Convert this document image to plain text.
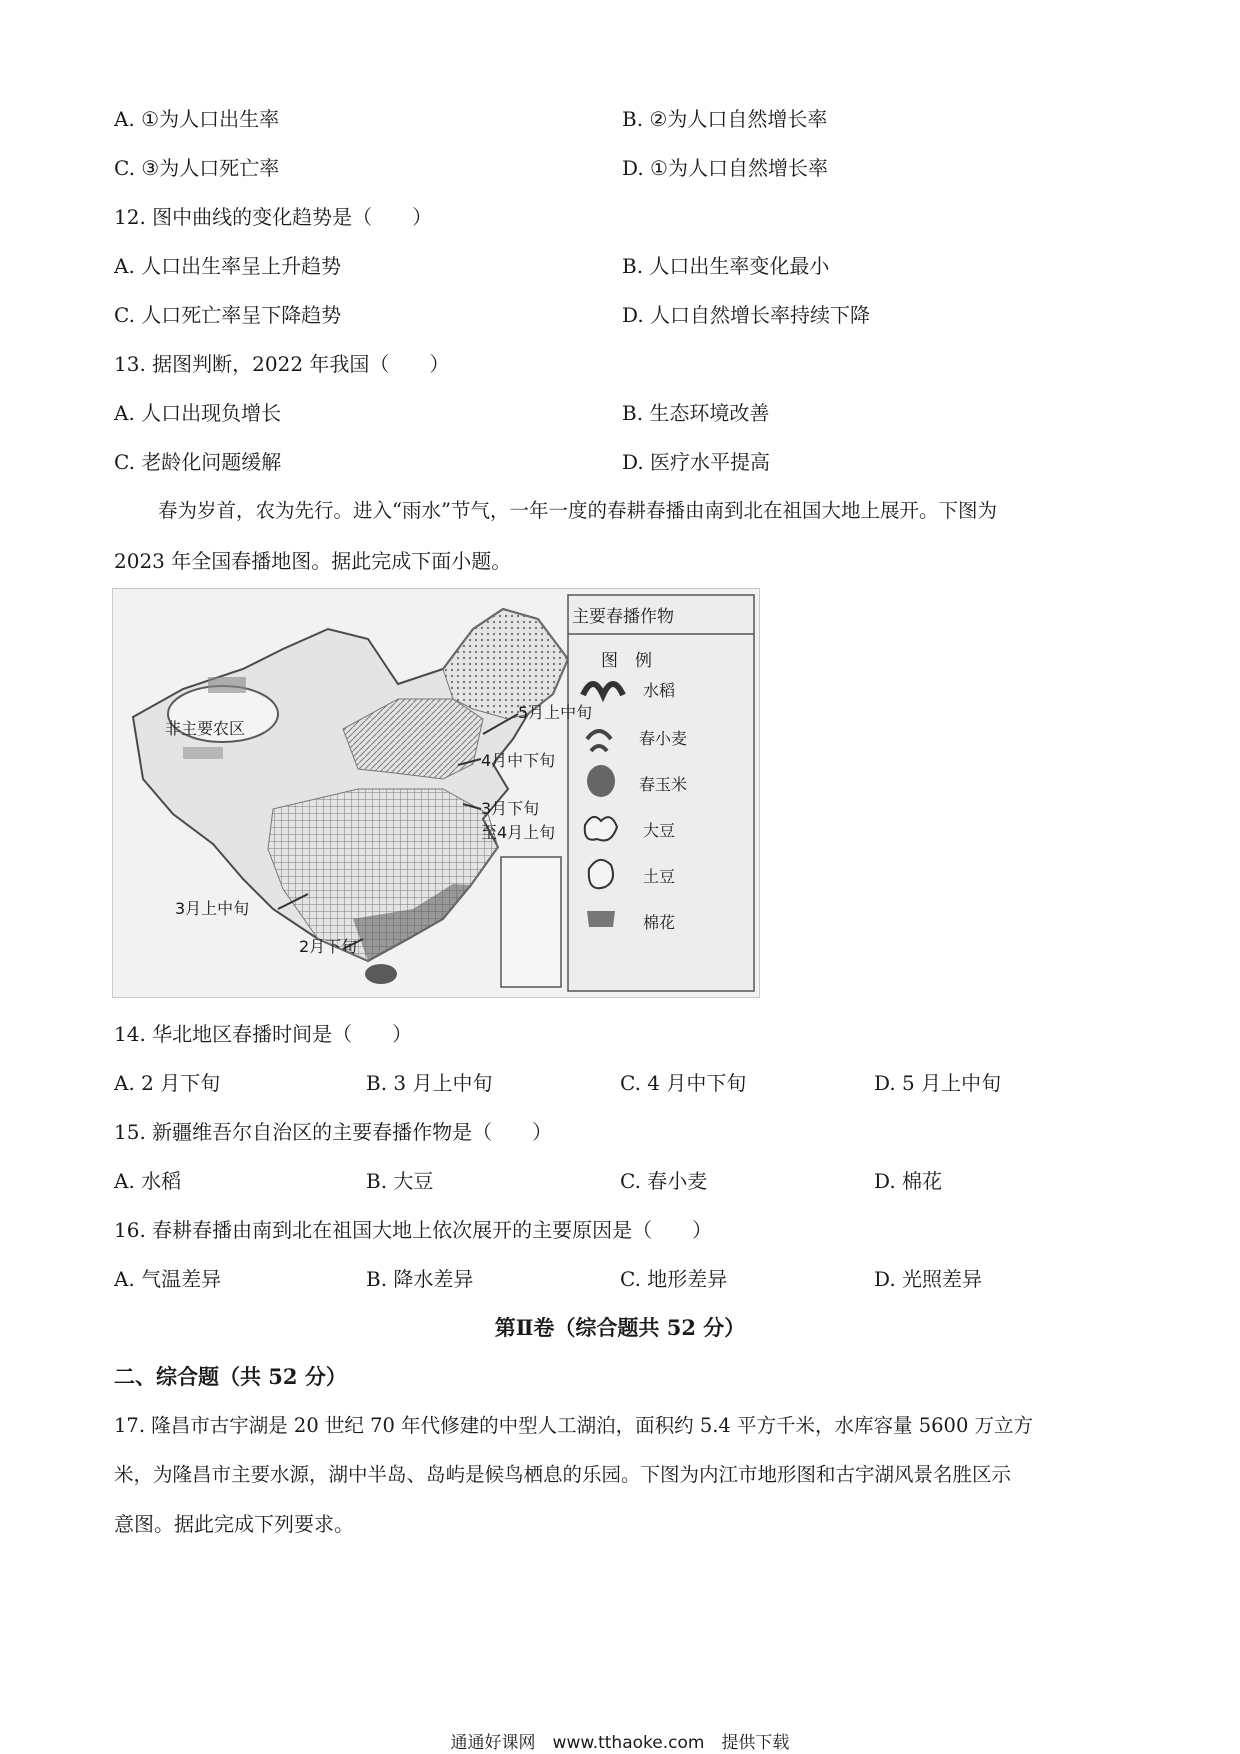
A. ①为人口出生率	B. ②为人口自然增长率
C. ③为人口死亡率	D. ①为人口自然增长率
12. 图中曲线的变化趋势是（　　）
A. 人口出生率呈上升趋势	B. 人口出生率变化最小
C. 人口死亡率呈下降趋势	D. 人口自然增长率持续下降
13. 据图判断，2022 年我国（　　）
A. 人口出现负增长	B. 生态环境改善
C. 老龄化问题缓解	D. 医疗水平提高
春为岁首，农为先行。进入“雨水”节气，一年一度的春耕春播由南到北在祖国大地上展开。下图为
2023 年全国春播地图。据此完成下面小题。
主要春播作物
图　例
水稻
春小麦
春玉米
大豆
土豆
棉花
非主要农区
5月上中旬
4月中下旬
3月下旬
至4月上旬
3月上中旬
2月下旬
14. 华北地区春播时间是（　　）
A. 2 月下旬	B. 3 月上中旬	C. 4 月中下旬	D. 5 月上中旬
15. 新疆维吾尔自治区的主要春播作物是（　　）
A. 水稻	B. 大豆	C. 春小麦	D. 棉花
16. 春耕春播由南到北在祖国大地上依次展开的主要原因是（　　）
A. 气温差异	B. 降水差异	C. 地形差异	D. 光照差异
第Ⅱ卷（综合题共 52 分）
二、综合题（共 52 分）
17. 隆昌市古宇湖是 20 世纪 70 年代修建的中型人工湖泊，面积约 5.4 平方千米，水库容量 5600 万立方
米，为隆昌市主要水源，湖中半岛、岛屿是候鸟栖息的乐园。下图为内江市地形图和古宇湖风景名胜区示
意图。据此完成下列要求。
通通好课网　www.tthaoke.com　提供下载
